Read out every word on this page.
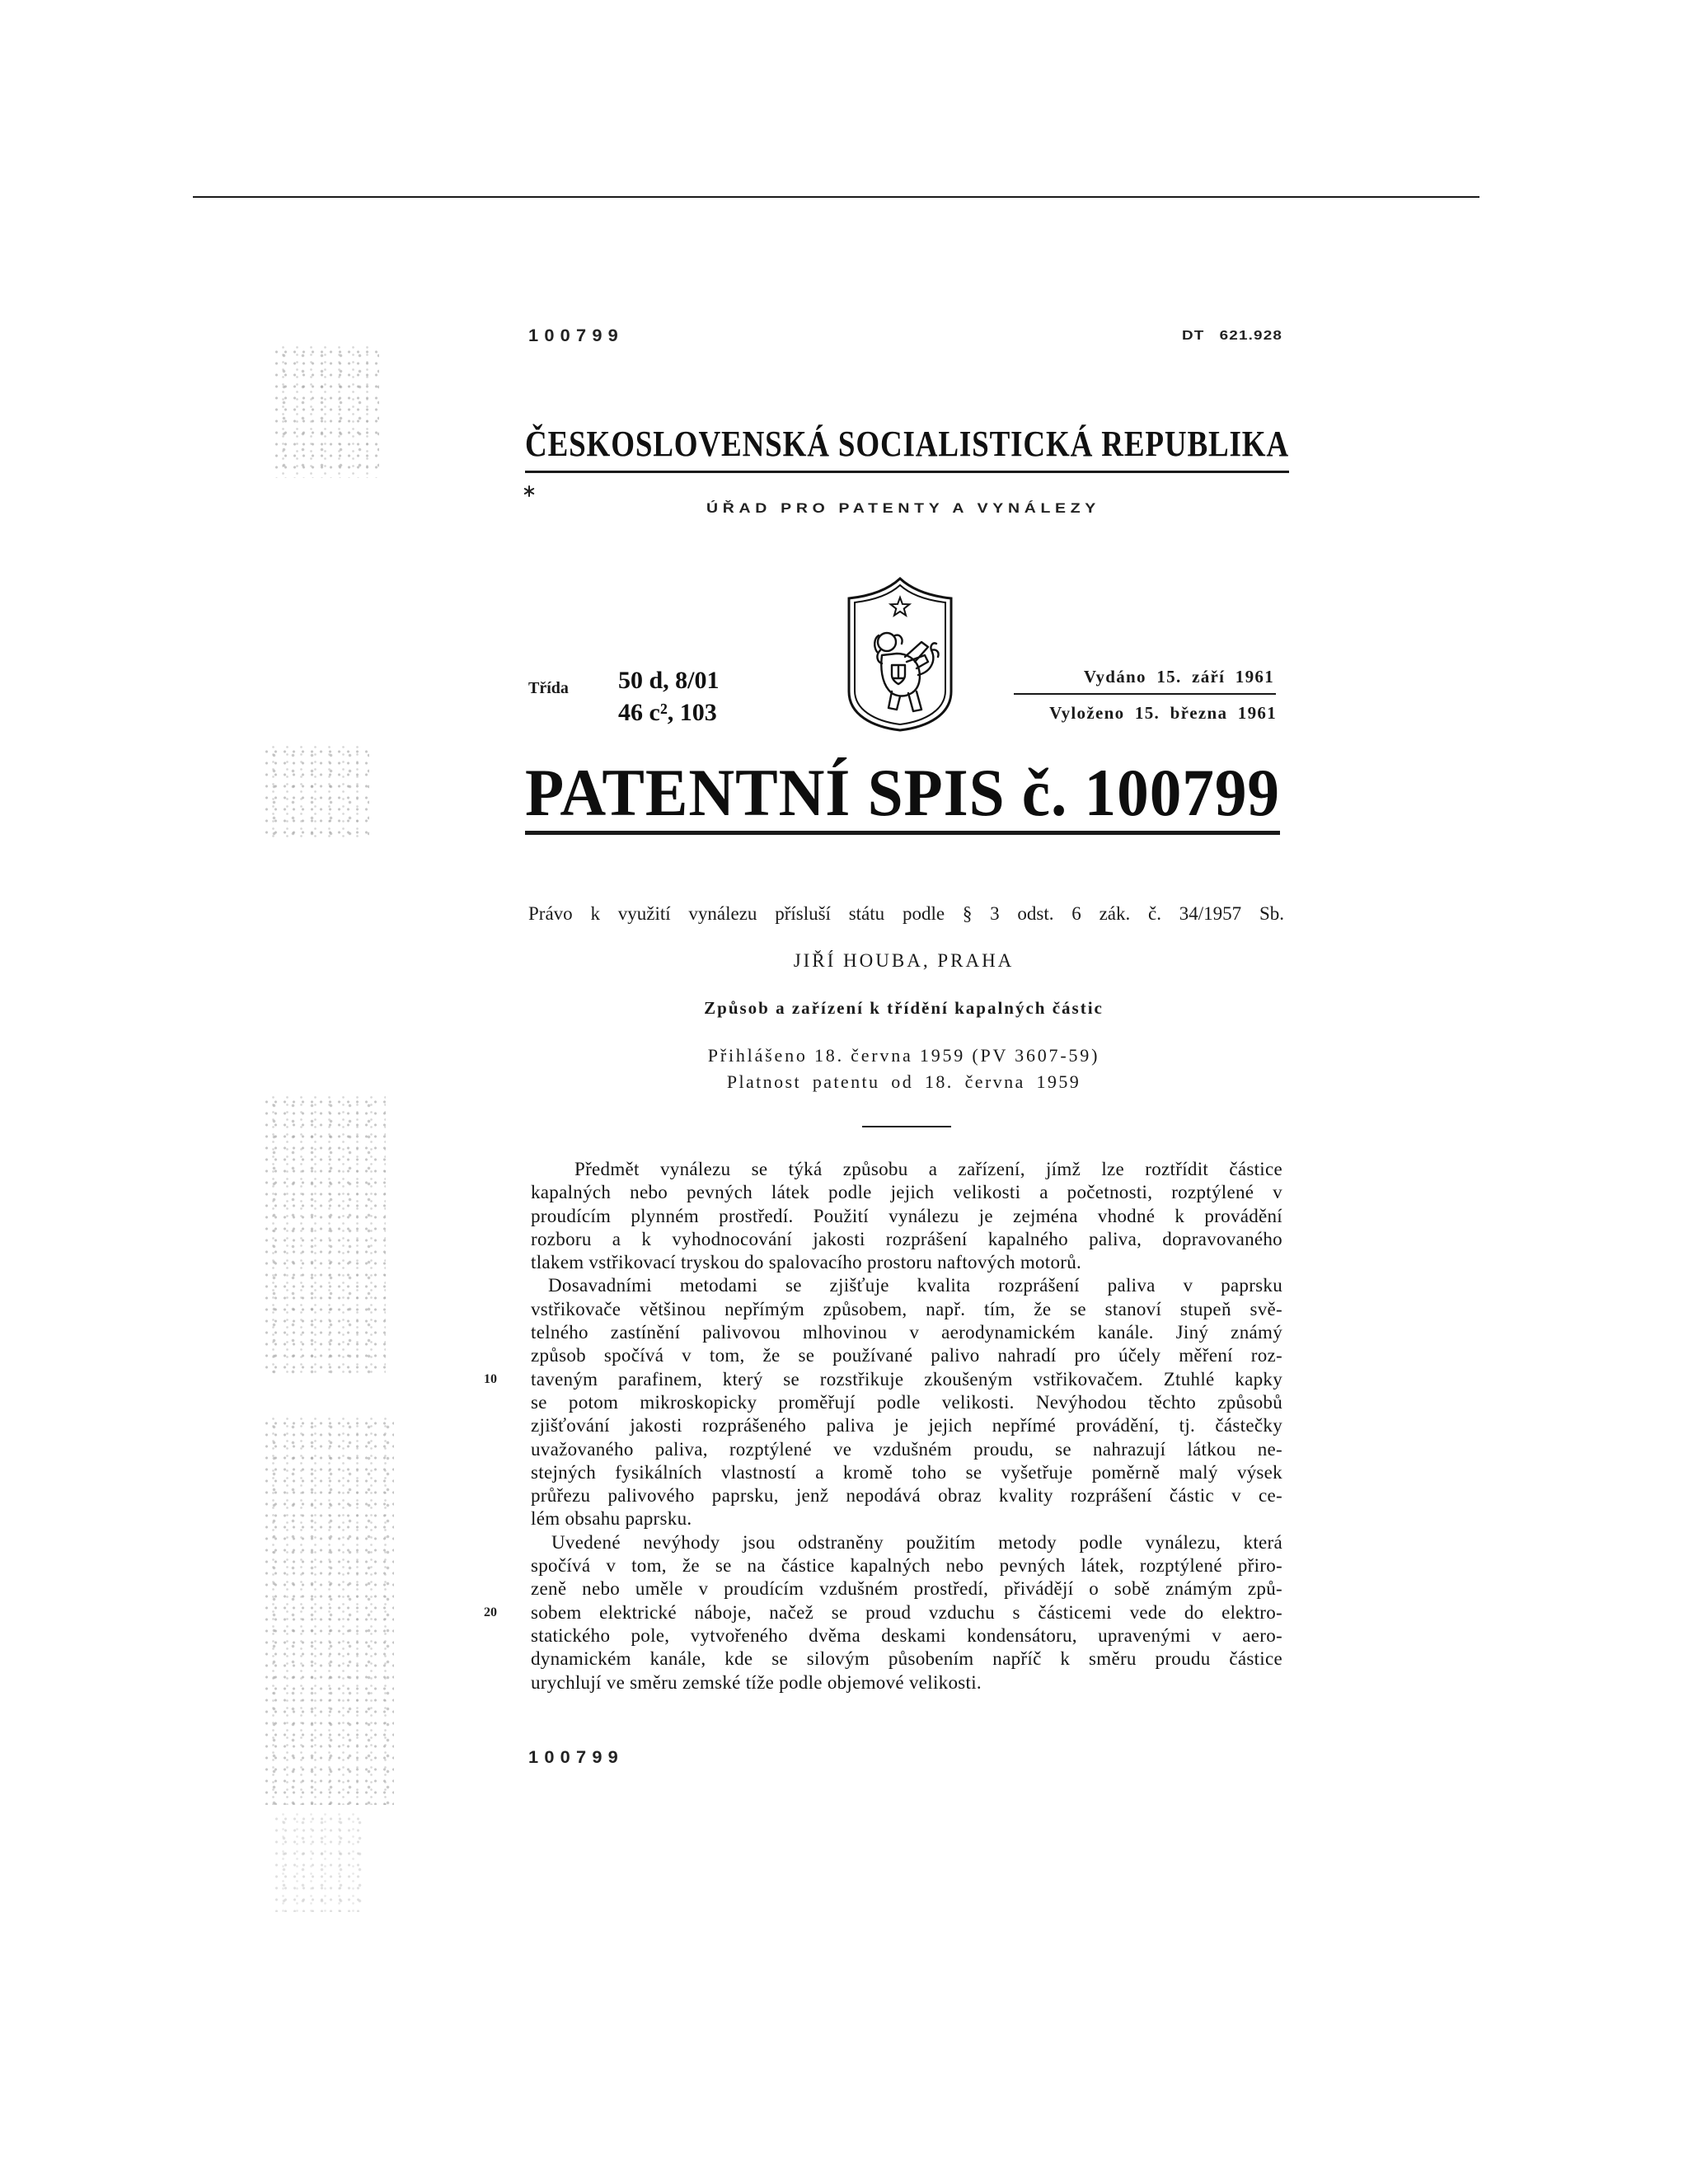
100799	DT 621.928
ČESKOSLOVENSKÁ SOCIALISTICKÁ REPUBLIKA
ÚŘAD PRO PATENTY A VYNÁLEZY
Třída 50 d, 8/01
46 c², 103
Vydáno 15. září 1961
Vyloženo 15. března 1961
PATENTNÍ SPIS č. 100799
Právo k využití vynálezu přísluší státu podle § 3 odst. 6 zák. č. 34/1957 Sb.
JIŘÍ HOUBA, PRAHA
Způsob a zařízení k třídění kapalných částic
Přihlášeno 18. června 1959 (PV 3607-59)
Platnost patentu od 18. června 1959
Předmět vynálezu se týká způsobu a zařízení, jímž lze roztřídit částice
kapalných nebo pevných látek podle jejich velikosti a početnosti, rozptýlené v
proudícím plynném prostředí. Použití vynálezu je zejména vhodné k provádění
rozboru a k vyhodnocování jakosti rozprášení kapalného paliva, dopravovaného
tlakem vstřikovací tryskou do spalovacího prostoru naftových motorů.
Dosavadními metodami se zjišťuje kvalita rozprášení paliva v paprsku
vstřikovače většinou nepřímým způsobem, např. tím, že se stanoví stupeň svě-
telného zastínění palivovou mlhovinou v aerodynamickém kanále. Jiný známý
způsob spočívá v tom, že se používané palivo nahradí pro účely měření roz-
taveným parafinem, který se rozstřikuje zkoušeným vstřikovačem. Ztuhlé kapky
se potom mikroskopicky proměřují podle velikosti. Nevýhodou těchto způsobů
zjišťování jakosti rozprášeného paliva je jejich nepřímé provádění, tj. částečky
uvažovaného paliva, rozptýlené ve vzdušném proudu, se nahrazují látkou ne-
stejných fysikálních vlastností a kromě toho se vyšetřuje poměrně malý výsek
průřezu palivového paprsku, jenž nepodává obraz kvality rozprášení částic v ce-
lém obsahu paprsku.
Uvedené nevýhody jsou odstraněny použitím metody podle vynálezu, která
spočívá v tom, že se na částice kapalných nebo pevných látek, rozptýlené přiro-
zeně nebo uměle v proudícím vzdušném prostředí, přivádějí o sobě známým způ-
sobem elektrické náboje, načež se proud vzduchu s částicemi vede do elektro-
statického pole, vytvořeného dvěma deskami kondensátoru, upravenými v aero-
dynamickém kanále, kde se silovým působením napříč k směru proudu částice
urychlují ve směru zemské tíže podle objemové velikosti.
10
20
100799
